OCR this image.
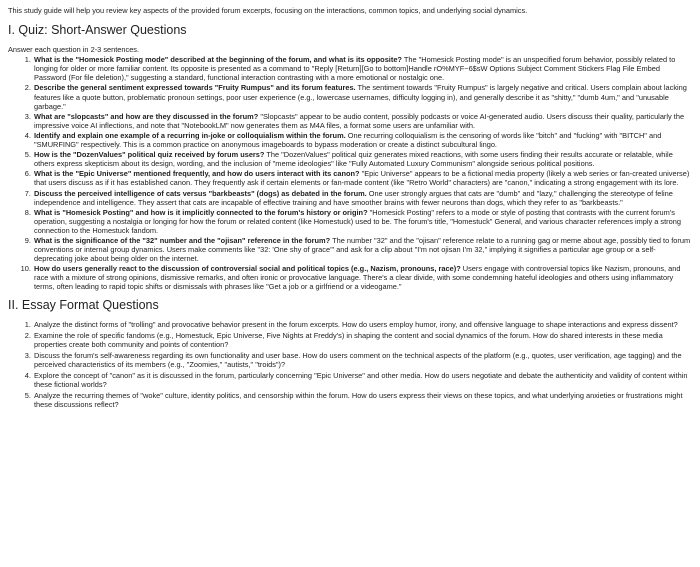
This study guide will help you review key aspects of the provided forum excerpts, focusing on the interactions, common topics, and underlying social dynamics.

I. Quiz: Short-Answer Questions

Answer each question in 2-3 sentences.

1. What is the "Homesick Posting mode" described at the beginning of the forum, and what is its opposite? The "Homesick Posting mode" is an unspecified forum behavior, possibly related to longing for older or more familiar content. Its opposite is presented as a command to "Reply [Return][Go to bottom]Handle rO%MYF~6$sW Options Subject Comment Stickers Flag File Embed Password (For file deletion)," suggesting a standard, functional interaction contrasting with a more emotional or nostalgic one.
2. Describe the general sentiment expressed towards "Fruity Rumpus" and its forum features. The sentiment towards "Fruity Rumpus" is largely negative and critical. Users complain about lacking features like a quote button, problematic pronoun settings, poor user experience (e.g., lowercase usernames, difficulty logging in), and generally describe it as "shitty," "dumb 4um," and "unusable garbage."
3. What are "slopcasts" and how are they discussed in the forum? "Slopcasts" appear to be audio content, possibly podcasts or voice AI-generated audio. Users discuss their quality, particularly the impressive voice AI inflections, and note that "NotebookLM" now generates them as M4A files, a format some users are unfamiliar with.
4. Identify and explain one example of a recurring in-joke or colloquialism within the forum. One recurring colloquialism is the censoring of words like "bitch" and "fucking" with "BITCH" and "SMURFING" respectively. This is a common practice on anonymous imageboards to bypass moderation or create a distinct subcultural lingo.
5. How is the "DozenValues" political quiz received by forum users? The "DozenValues" political quiz generates mixed reactions, with some users finding their results accurate or relatable, while others express skepticism about its design, wording, and the inclusion of "meme ideologies" like "Fully Automated Luxury Communism" alongside serious political positions.
6. What is the "Epic Universe" mentioned frequently, and how do users interact with its canon? "Epic Universe" appears to be a fictional media property (likely a web series or fan-created universe) that users discuss as if it has established canon. They frequently ask if certain elements or fan-made content (like "Retro World" characters) are "canon," indicating a strong engagement with its lore.
7. Discuss the perceived intelligence of cats versus "barkbeasts" (dogs) as debated in the forum. One user strongly argues that cats are "dumb" and "lazy," challenging the stereotype of feline independence and intelligence. They assert that cats are incapable of effective training and have smoother brains with fewer neurons than dogs, which they refer to as "barkbeasts."
8. What is "Homesick Posting" and how is it implicitly connected to the forum's history or origin? "Homesick Posting" refers to a mode or style of posting that contrasts with the current forum's operation, suggesting a nostalgia or longing for how the forum or related content (like Homestuck) used to be. The forum's title, "Homestuck" General, and various character references imply a strong connection to the Homestuck fandom.
9. What is the significance of the "32" number and the "ojisan" reference in the forum? The number "32" and the "ojisan" reference relate to a running gag or meme about age, possibly tied to forum conventions or internal group dynamics. Users make comments like "32: 'One shy of grace'" and ask for a clip about "I'm not ojisan I'm 32," implying it signifies a particular age group or a self-deprecating joke about being older on the internet.
10. How do users generally react to the discussion of controversial social and political topics (e.g., Nazism, pronouns, race)? Users engage with controversial topics like Nazism, pronouns, and race with a mixture of strong opinions, dismissive remarks, and often ironic or provocative language. There's a clear divide, with some condemning hateful ideologies and others using inflammatory terms, often leading to rapid topic shifts or dismissals with phrases like "Get a job or a girlfriend or a videogame."
II. Essay Format Questions
1. Analyze the distinct forms of "trolling" and provocative behavior present in the forum excerpts. How do users employ humor, irony, and offensive language to shape interactions and express dissent?
2. Examine the role of specific fandoms (e.g., Homestuck, Epic Universe, Five Nights at Freddy's) in shaping the content and social dynamics of the forum. How do shared interests in these media properties create both community and points of contention?
3. Discuss the forum's self-awareness regarding its own functionality and user base. How do users comment on the technical aspects of the platform (e.g., quotes, user verification, age tagging) and the perceived characteristics of its members (e.g., "Zoomies," "autists," "troids")?
4. Explore the concept of "canon" as it is discussed in the forum, particularly concerning "Epic Universe" and other media. How do users negotiate and debate the authenticity and validity of content within these fictional worlds?
5. Analyze the recurring themes of "woke" culture, identity politics, and censorship within the forum. How do users express their views on these topics, and what underlying anxieties or frustrations might these discussions reflect?
